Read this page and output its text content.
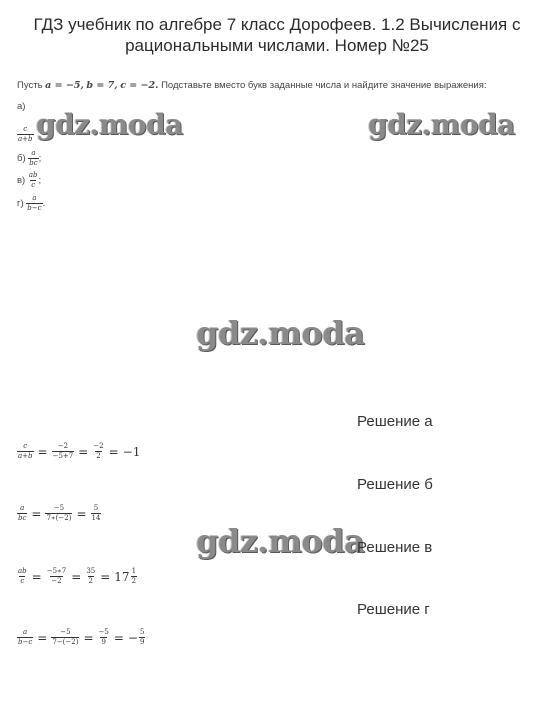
ГДЗ учебник по алгебре 7 класс Дорофеев. 1.2 Вычисления с рациональными числами. Номер №25
Пусть a = −5, b = 7, c = −2. Подставьте вместо букв заданные числа и найдите значение выражения:
а)
$\frac{c}{a+b}$
$б) \frac{a}{bc}$ ;
$в) \frac{ab}{c}$ ;
$г) \frac{a}{b-c}$ .
gdz.moda	gdz.moda
gdz.moda
gdz.moda
Решение а
$\frac{c}{a+b} = \frac{-2}{-5+7} = \frac{-2}{2} = -1$
Решение б
$\frac{a}{bc} = \frac{-5}{7∗(-2)} = \frac{5}{14}$
Решение в
$\frac{ab}{c} = \frac{-5∗7}{-2} = \frac{35}{2} = 17 \frac{1}{2}$
Решение г
$\frac{a}{b-c} = \frac{-5}{7-(-2)} = \frac{-5}{9}$ = − $\frac{5}{9}$
